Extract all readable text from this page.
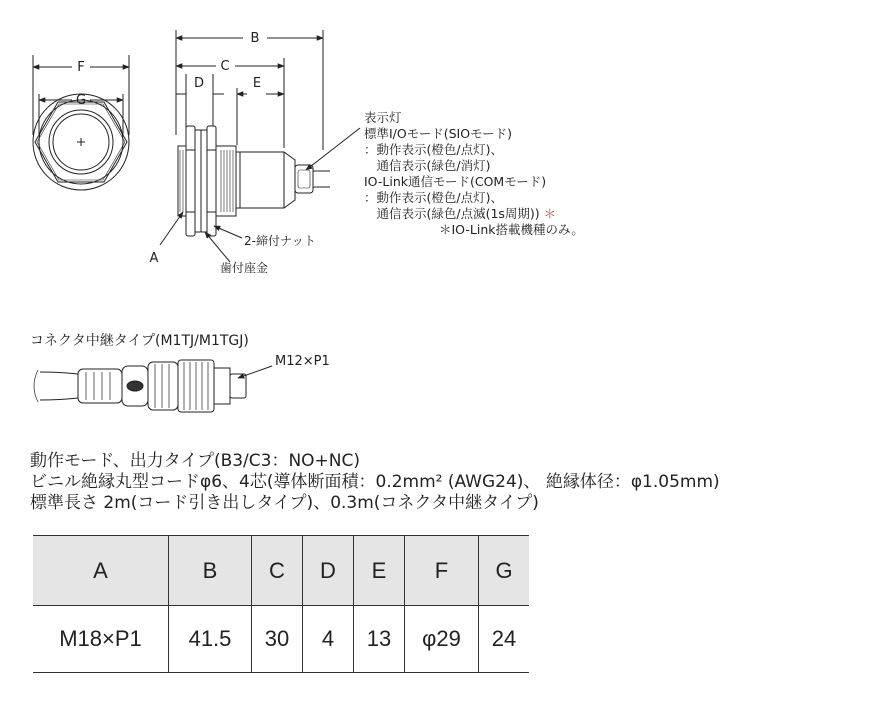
F
G
B
C
D	E
A
2-締付ナット
歯付座金
表示灯
標準I/Oモード(SIOモード)
：動作表示(橙色/点灯)、
　通信表示(緑色/消灯)
IO-Link通信モード(COMモード)
：動作表示(橙色/点灯)、
　通信表示(緑色/点滅(1s周期)) ＊
＊IO-Link搭載機種のみ。
コネクタ中継タイプ(M1TJ/M1TGJ)
M12×P1
動作モード、出力タイプ(B3/C3：NO+NC)
ビニル絶縁丸型コードφ6、4芯(導体断面積：0.2mm² (AWG24)、 絶縁体径：φ1.05mm)
標準長さ 2m(コード引き出しタイプ)、0.3m(コネクタ中継タイプ)
A	B	C	D	E	F	G
M18×P1	41.5	30	4	13	φ29	24
